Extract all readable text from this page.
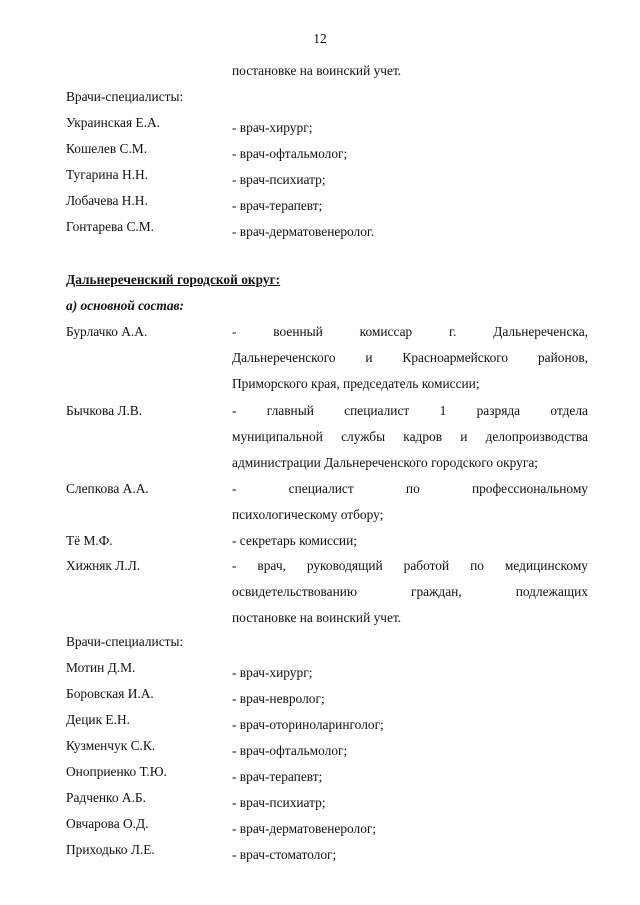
12
постановке на воинский учет.
Врачи-специалисты:
Украинская Е.А.	- врач-хирург;
Кошелев С.М.	- врач-офтальмолог;
Тугарина Н.Н.	- врач-психиатр;
Лобачева Н.Н.	- врач-терапевт;
Гонтарева С.М.	- врач-дерматовенеролог.
Дальнереченский городской округ:
а) основной состав:
Бурлачко А.А.	- военный комиссар г. Дальнереченска,
Дальнереченского и Красноармейского районов,
Приморского края, председатель комиссии;
Бычкова Л.В.	- главный специалист 1 разряда отдела
муниципальной службы кадров и делопроизводства
администрации Дальнереченского городского округа;
Слепкова А.А.	- специалист по профессиональному
психологическому отбору;
Тё М.Ф.	- секретарь комиссии;
Хижняк Л.Л.	- врач, руководящий работой по медицинскому
освидетельствованию граждан, подлежащих
постановке на воинский учет.
Врачи-специалисты:
Мотин Д.М.	- врач-хирург;
Боровская И.А.	- врач-невролог;
Децик Е.Н.	- врач-оториноларинголог;
Кузменчук С.К.	- врач-офтальмолог;
Оноприенко Т.Ю.	- врач-терапевт;
Радченко А.Б.	- врач-психиатр;
Овчарова О.Д.	- врач-дерматовенеролог;
Приходько Л.Е.	- врач-стоматолог;
